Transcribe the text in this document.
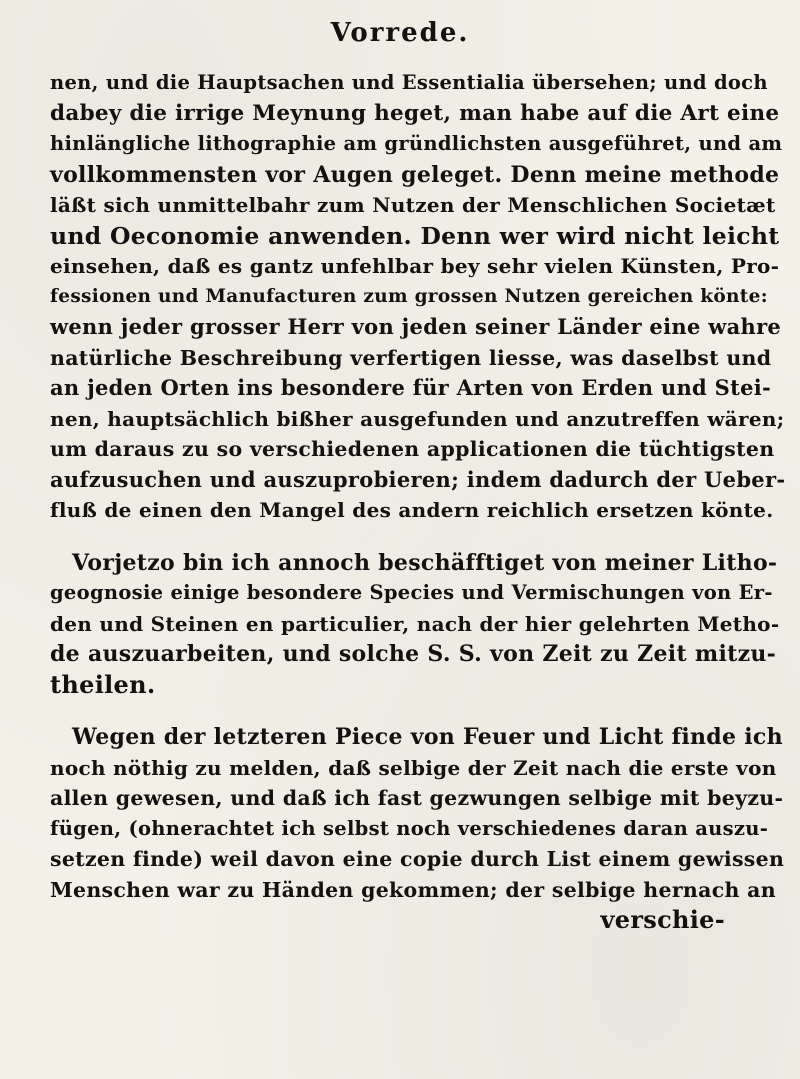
Vorrede.
nen, und die Hauptsachen und Essentialia übersehen; und doch
dabey die irrige Meynung heget, man habe auf die Art eine
hinlängliche lithographie am gründlichsten ausgeführet, und am
vollkommensten vor Augen geleget. Denn meine methode
läßt sich unmittelbahr zum Nutzen der Menschlichen Societæt
und Oeconomie anwenden. Denn wer wird nicht leicht
einsehen, daß es gantz unfehlbar bey sehr vielen Künsten, Pro-
fessionen und Manufacturen zum grossen Nutzen gereichen könte:
wenn jeder grosser Herr von jeden seiner Länder eine wahre
natürliche Beschreibung verfertigen liesse, was daselbst und
an jeden Orten ins besondere für Arten von Erden und Stei-
nen, hauptsächlich bißher ausgefunden und anzutreffen wären;
um daraus zu so verschiedenen applicationen die tüchtigsten
aufzusuchen und auszuprobieren; indem dadurch der Ueber-
fluß de einen den Mangel des andern reichlich ersetzen könte.
Vorjetzo bin ich annoch beschäfftiget von meiner Litho-
geognosie einige besondere Species und Vermischungen von Er-
den und Steinen en particulier, nach der hier gelehrten Metho-
de auszuarbeiten, und solche S. S. von Zeit zu Zeit mitzu-
theilen.
Wegen der letzteren Piece von Feuer und Licht finde ich
noch nöthig zu melden, daß selbige der Zeit nach die erste von
allen gewesen, und daß ich fast gezwungen selbige mit beyzu-
fügen, (ohnerachtet ich selbst noch verschiedenes daran auszu-
setzen finde) weil davon eine copie durch List einem gewissen
Menschen war zu Händen gekommen; der selbige hernach an
verschie-
